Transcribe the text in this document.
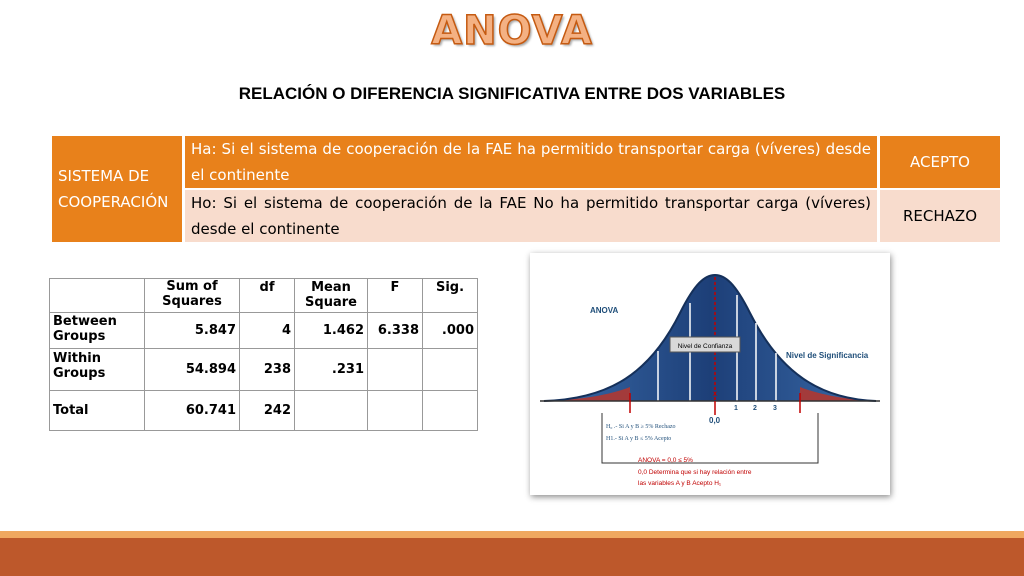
ANOVA
RELACIÓN O DIFERENCIA SIGNIFICATIVA ENTRE DOS VARIABLES
SISTEMA DE COOPERACIÓN	Ha: Si el sistema de cooperación de la FAE ha permitido transportar carga (víveres) desde el continente	ACEPTO
	Ho: Si el sistema de cooperación de la FAE No ha permitido transportar carga (víveres) desde el continente	RECHAZO
	Sum of Squares	df	Mean Square	F	Sig.
Between Groups	5.847	4	1.462	6.338	.000
Within Groups	54.894	238	.231		
Total	60.741	242			
Nivel de Confianza
ANOVA
Nivel de Significancia
x
1 2 3
0,0
H₀ .- Si A y B ≥ 5% Rechazo
H1.- Si A y B ≤ 5% Acepto
ANOVA = 0,0 ≤ 5%
0,0 Determina que si hay relación entre
las variables A y B Acepto H₁
